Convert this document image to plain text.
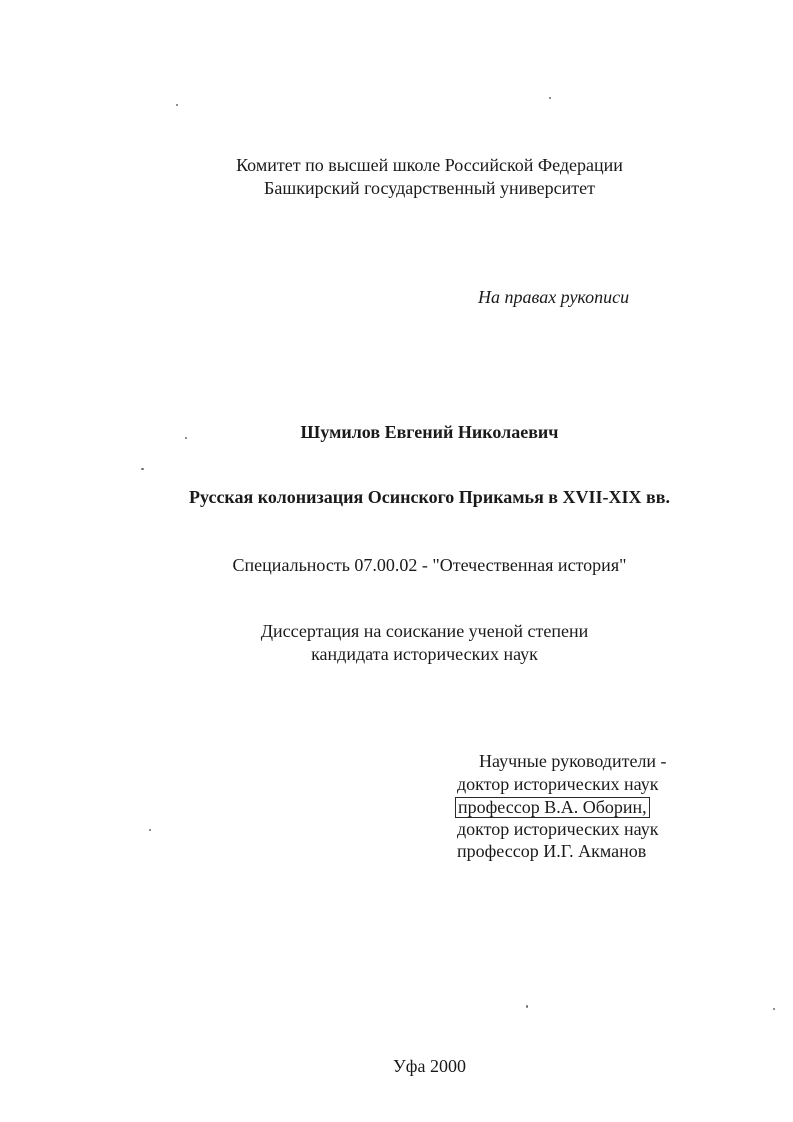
Комитет по высшей школе Российской Федерации

Башкирский государственный университет

На правах рукописи

Шумилов Евгений Николаевич

Русская колонизация Осинского Прикамья в XVII-XIX вв.

Специальность 07.00.02 - "Отечественная история"

Диссертация на соискание ученой степени

кандидата исторических наук

Научные руководители -

доктор исторических наук

профессор В.А. Оборин,

доктор исторических наук

профессор И.Г. Акманов

Уфа 2000
